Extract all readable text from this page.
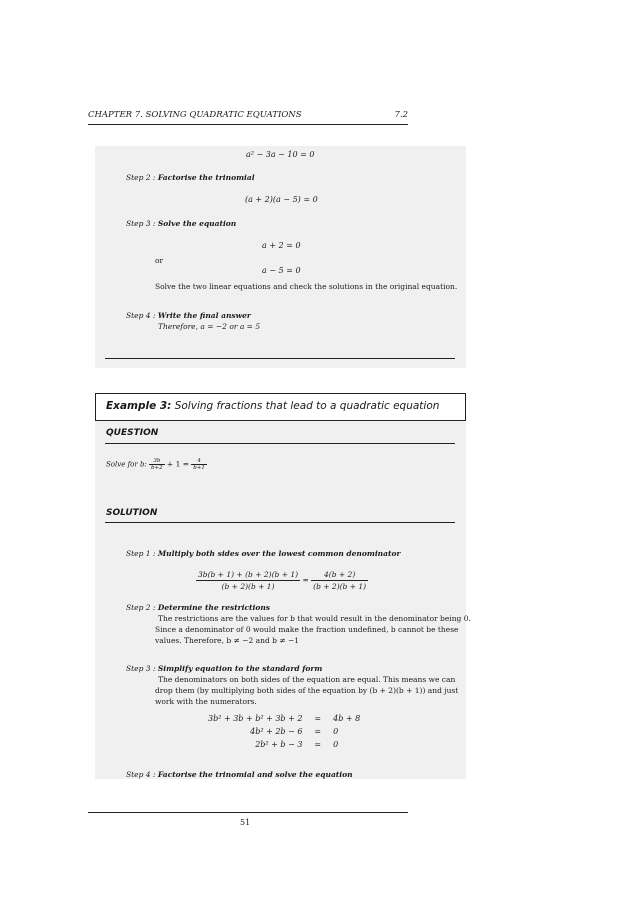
CHAPTER 7. SOLVING QUADRATIC EQUATIONS	7.2
a² − 3a − 10 = 0
Step 2 : Factorise the trinomial
(a + 2)(a − 5) = 0
Step 3 : Solve the equation
a + 2 = 0
or
a − 5 = 0
Solve the two linear equations and check the solutions in the original equation.
Step 4 : Write the final answer
Therefore, a = −2 or a = 5
Example 3: Solving fractions that lead to a quadratic equation
QUESTION
Solve for b: $\frac{3b}{b+2} + 1 = \frac{4}{b+1}$
SOLUTION
Step 1 : Multiply both sides over the lowest common denominator
$\frac{3b(b + 1) + (b + 2)(b + 1)}{(b + 2)(b + 1)} = \frac{4(b + 2)}{(b + 2)(b + 1)}$
Step 2 : Determine the restrictions
The restrictions are the values for b that would result in the denominator being 0.
Since a denominator of 0 would make the fraction undefined, b cannot be these
values. Therefore, b ≠ −2 and b ≠ −1
Step 3 : Simplify equation to the standard form
The denominators on both sides of the equation are equal. This means we can
drop them (by multiplying both sides of the equation by (b + 2)(b + 1)) and just
work with the numerators.
3b² + 3b + b² + 3b + 2	=	4b + 8
4b² + 2b − 6	=	0
2b² + b − 3	=	0
Step 4 : Factorise the trinomial and solve the equation
51
